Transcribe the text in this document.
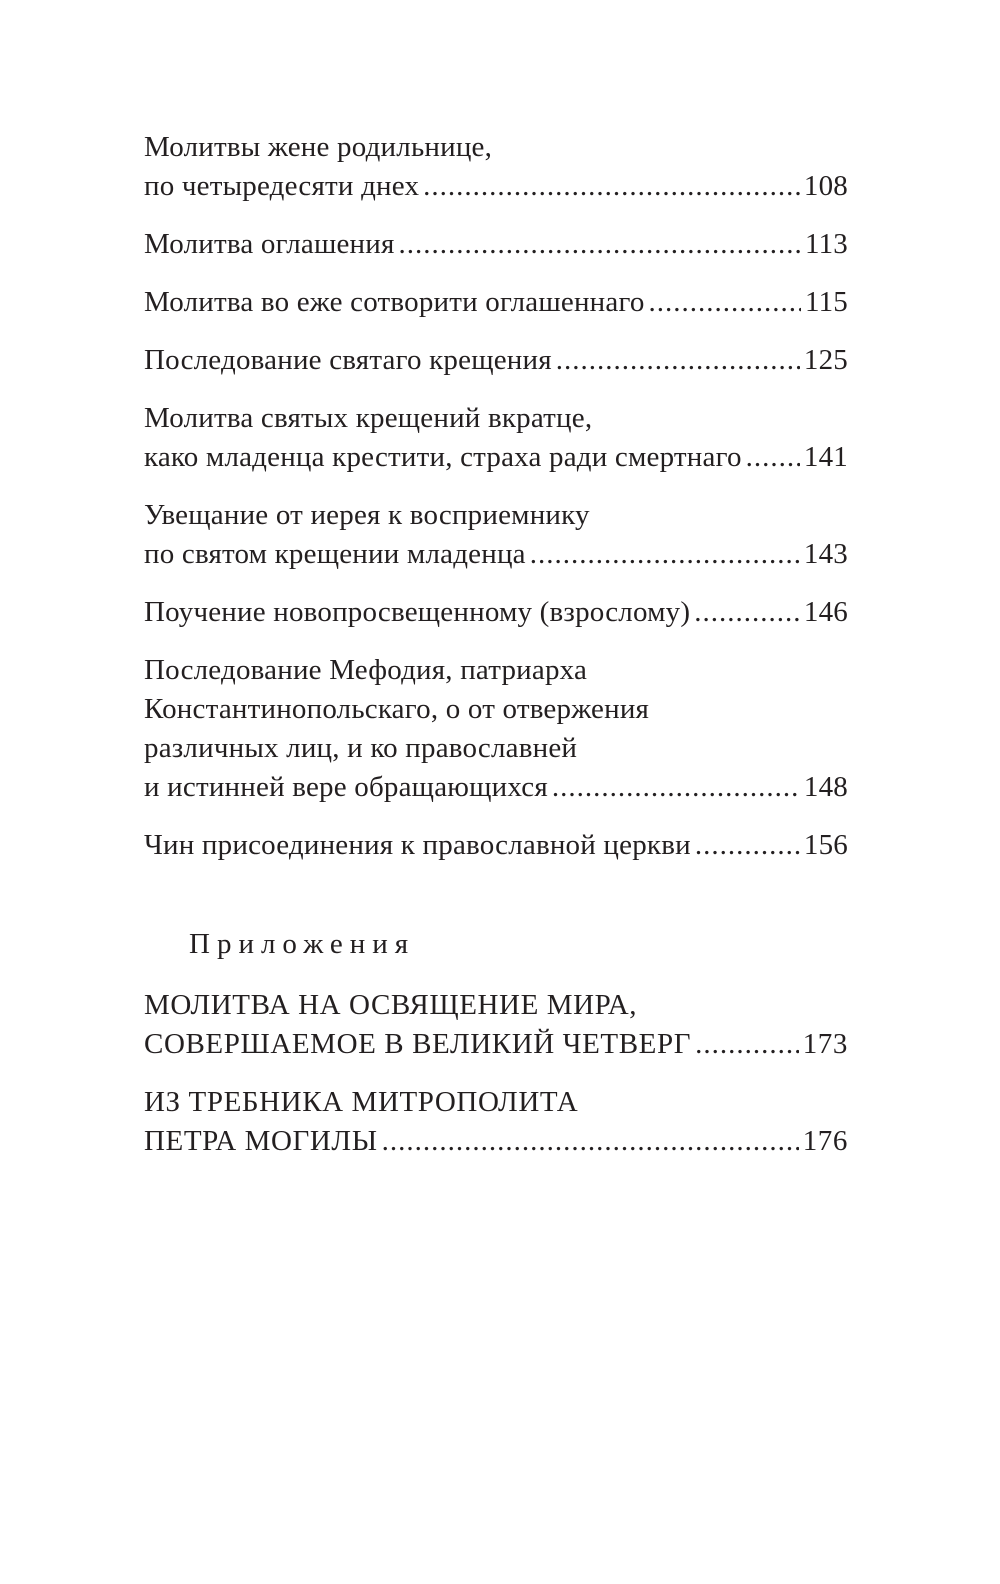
Молитвы жене родильнице,
по четыредесяти днех .....	108
Молитва оглашения .....	113
Молитва во еже сотворити оглашеннаго .....	115
Последование святаго крещения .....	125
Молитва святых крещений вкратце,
како младенца крестити, страха ради смертнаго ..... 141
Увещание от иерея к восприемнику
по святом крещении младенца .....	143
Поучение новопросвещенному (взрослому) .....	146
Последование Мефодия, патриарха
Константинопольскаго, о от отвержения
различных лиц, и ко православней
и истинней вере обращающихся .....	148
Чин присоединения к православной церкви .....	156
Приложения
МОЛИТВА НА ОСВЯЩЕНИЕ МИРА,
СОВЕРШАЕМОЕ В ВЕЛИКИЙ ЧЕТВЕРГ .....	173
ИЗ ТРЕБНИКА МИТРОПОЛИТА
ПЕТРА МОГИЛЫ .....	176
